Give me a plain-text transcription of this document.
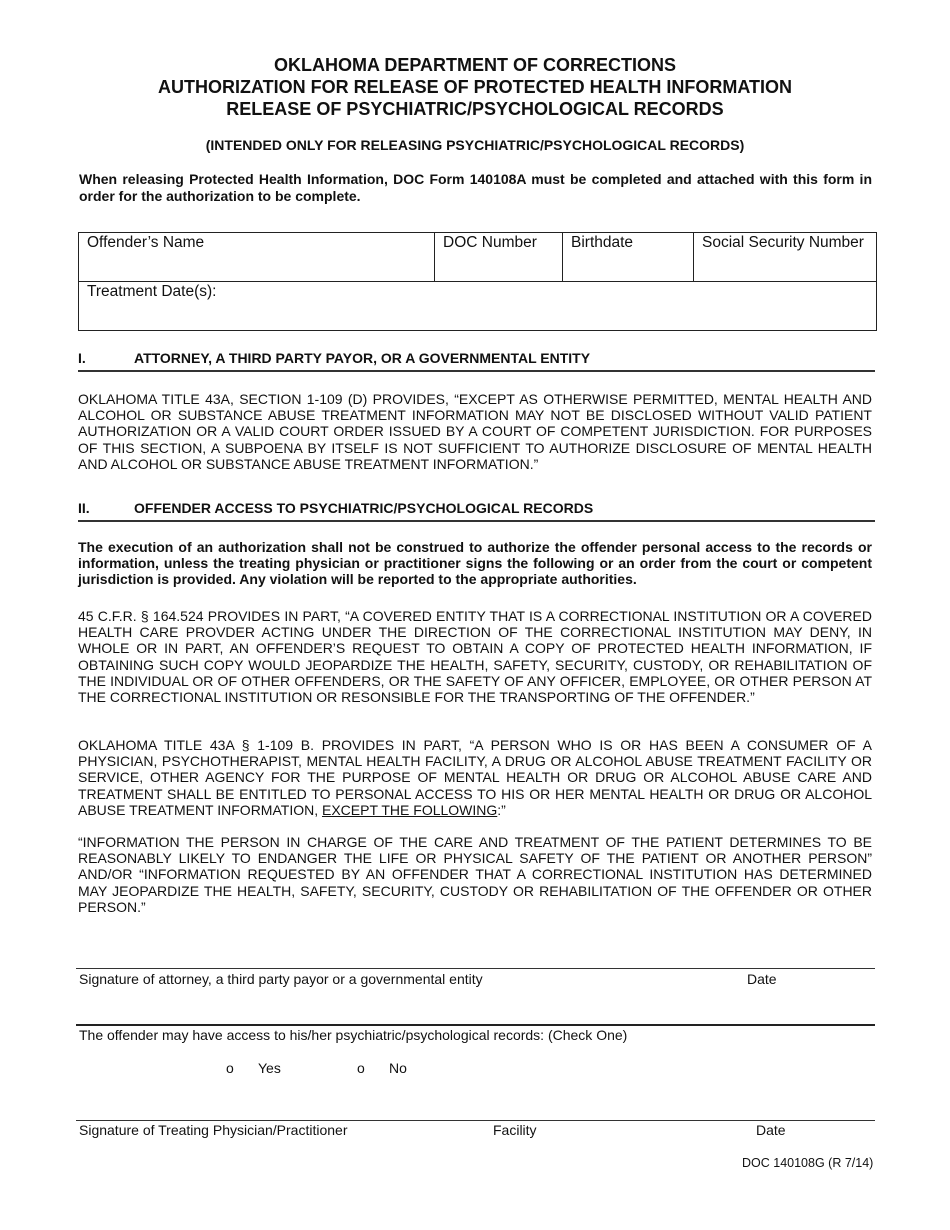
OKLAHOMA DEPARTMENT OF CORRECTIONS
AUTHORIZATION FOR RELEASE OF PROTECTED HEALTH INFORMATION
RELEASE OF PSYCHIATRIC/PSYCHOLOGICAL RECORDS
(INTENDED ONLY FOR RELEASING PSYCHIATRIC/PSYCHOLOGICAL RECORDS)
When releasing Protected Health Information, DOC Form 140108A must be completed and attached with this form in order for the authorization to be complete.
Offender’s Name	DOC Number	Birthdate	Social Security Number
Treatment Date(s):
I.	ATTORNEY, A THIRD PARTY PAYOR, OR A GOVERNMENTAL ENTITY
OKLAHOMA TITLE 43A, SECTION 1-109 (D) PROVIDES, “EXCEPT AS OTHERWISE PERMITTED, MENTAL HEALTH AND ALCOHOL OR SUBSTANCE ABUSE TREATMENT INFORMATION MAY NOT BE DISCLOSED WITHOUT VALID PATIENT AUTHORIZATION OR A VALID COURT ORDER ISSUED BY A COURT OF COMPETENT JURISDICTION. FOR PURPOSES OF THIS SECTION, A SUBPOENA BY ITSELF IS NOT SUFFICIENT TO AUTHORIZE DISCLOSURE OF MENTAL HEALTH AND ALCOHOL OR SUBSTANCE ABUSE TREATMENT INFORMATION.”
II.	OFFENDER ACCESS TO PSYCHIATRIC/PSYCHOLOGICAL RECORDS
The execution of an authorization shall not be construed to authorize the offender personal access to the records or information, unless the treating physician or practitioner signs the following or an order from the court or competent jurisdiction is provided. Any violation will be reported to the appropriate authorities.
45 C.F.R. § 164.524 PROVIDES IN PART, “A COVERED ENTITY THAT IS A CORRECTIONAL INSTITUTION OR A COVERED HEALTH CARE PROVDER ACTING UNDER THE DIRECTION OF THE CORRECTIONAL INSTITUTION MAY DENY, IN WHOLE OR IN PART, AN OFFENDER’S REQUEST TO OBTAIN A COPY OF PROTECTED HEALTH INFORMATION, IF OBTAINING SUCH COPY WOULD JEOPARDIZE THE HEALTH, SAFETY, SECURITY, CUSTODY, OR REHABILITATION OF THE INDIVIDUAL OR OF OTHER OFFENDERS, OR THE SAFETY OF ANY OFFICER, EMPLOYEE, OR OTHER PERSON AT THE CORRECTIONAL INSTITUTION OR RESONSIBLE FOR THE TRANSPORTING OF THE OFFENDER.”
OKLAHOMA TITLE 43A § 1-109 B. PROVIDES IN PART, “A PERSON WHO IS OR HAS BEEN A CONSUMER OF A PHYSICIAN, PSYCHOTHERAPIST, MENTAL HEALTH FACILITY, A DRUG OR ALCOHOL ABUSE TREATMENT FACILITY OR SERVICE, OTHER AGENCY FOR THE PURPOSE OF MENTAL HEALTH OR DRUG OR ALCOHOL ABUSE CARE AND TREATMENT SHALL BE ENTITLED TO PERSONAL ACCESS TO HIS OR HER MENTAL HEALTH OR DRUG OR ALCOHOL ABUSE TREATMENT INFORMATION, EXCEPT THE FOLLOWING:”
“INFORMATION THE PERSON IN CHARGE OF THE CARE AND TREATMENT OF THE PATIENT DETERMINES TO BE REASONABLY LIKELY TO ENDANGER THE LIFE OR PHYSICAL SAFETY OF THE PATIENT OR ANOTHER PERSON” AND/OR “INFORMATION REQUESTED BY AN OFFENDER THAT A CORRECTIONAL INSTITUTION HAS DETERMINED MAY JEOPARDIZE THE HEALTH, SAFETY, SECURITY, CUSTODY OR REHABILITATION OF THE OFFENDER OR OTHER PERSON.”
Signature of attorney, a third party payor or a governmental entity	Date
The offender may have access to his/her psychiatric/psychological records: (Check One)
o Yes	o No
Signature of Treating Physician/Practitioner	Facility	Date
DOC 140108G (R 7/14)
